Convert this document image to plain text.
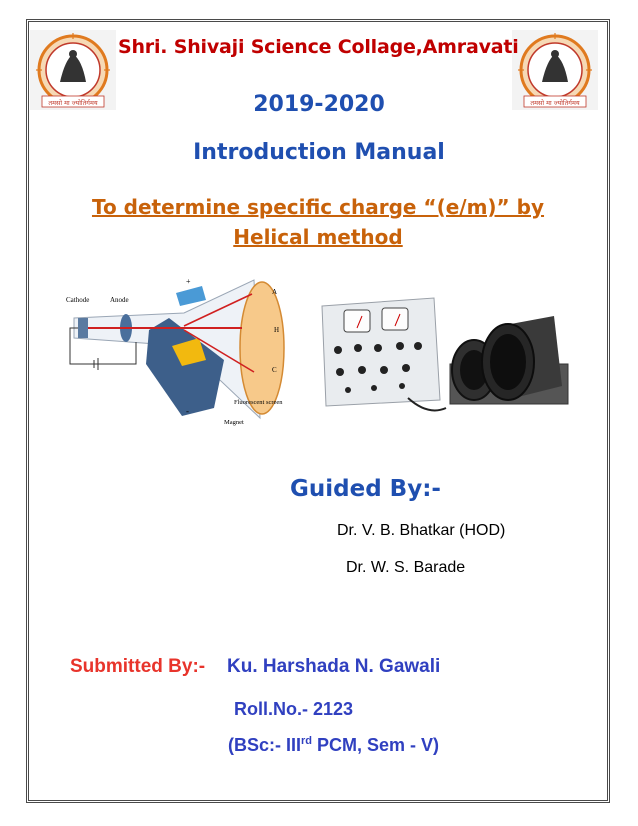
तमसो मा ज्योतिर्गमय	तमसो मा ज्योतिर्गमय
Shri. Shivaji Science Collage,Amravati
2019-2020
Introduction Manual
To determine specific charge “(e/m)” by
Helical method
Cathode	Anode
+
-
A
H
C
Fluorescent screen
Magnet
Guided By:-
Dr. V. B. Bhatkar (HOD)
Dr. W. S. Barade
Submitted By:- Ku. Harshada N. Gawali
Roll.No.- 2123
(BSc:- IIIrd PCM, Sem - V)
